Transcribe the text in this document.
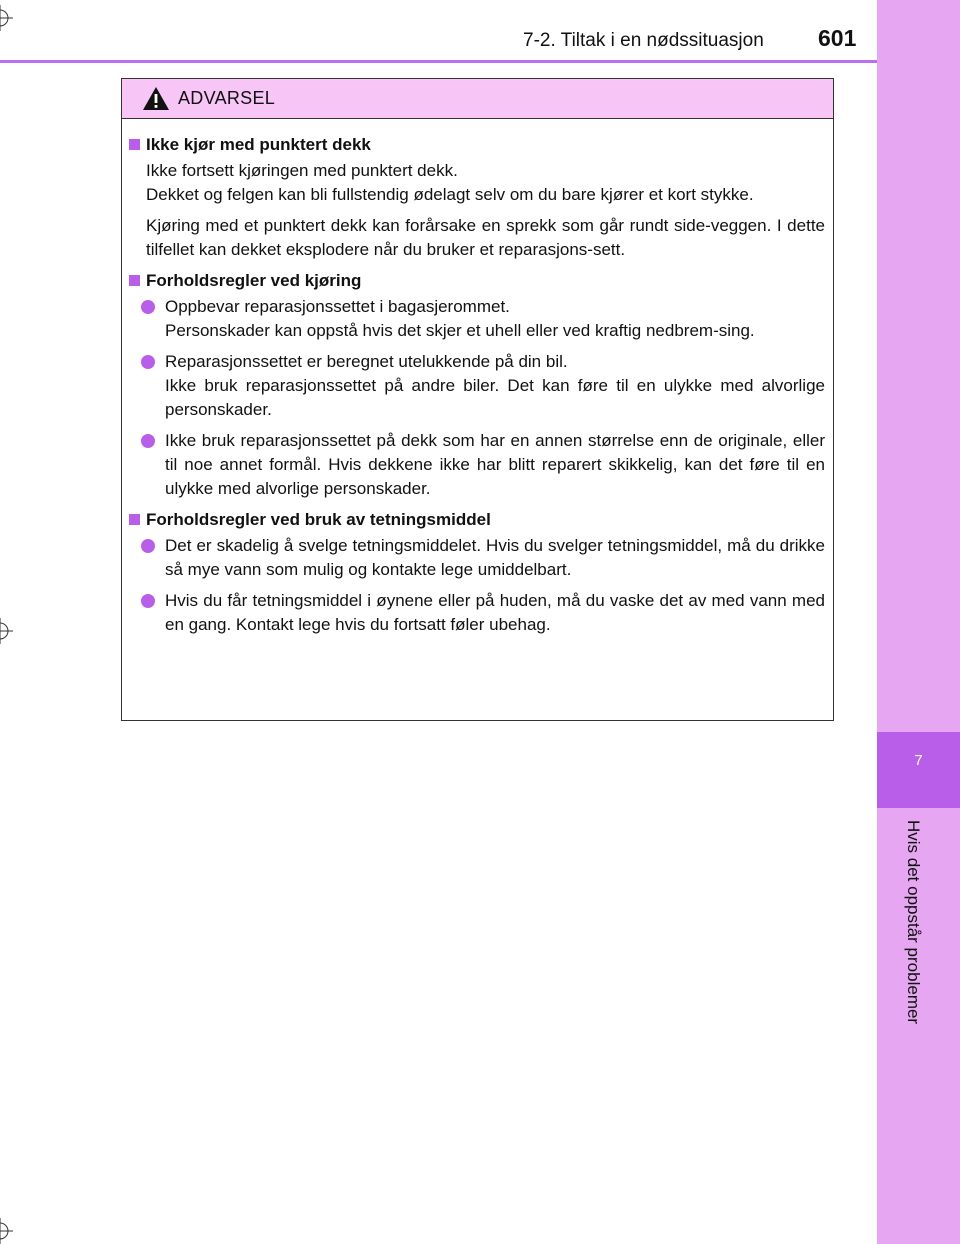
7
Hvis det oppstår problemer
7-2. Tiltak i en nødssituasjon 601
ADVARSEL
Ikke kjør med punktert dekk
Ikke fortsett kjøringen med punktert dekk.
Dekket og felgen kan bli fullstendig ødelagt selv om du bare kjører et kort stykke.
Kjøring med et punktert dekk kan forårsake en sprekk som går rundt side-veggen. I dette tilfellet kan dekket eksplodere når du bruker et reparasjons-sett.
Forholdsregler ved kjøring
Oppbevar reparasjonssettet i bagasjerommet.
Personskader kan oppstå hvis det skjer et uhell eller ved kraftig nedbrem-sing.
Reparasjonssettet er beregnet utelukkende på din bil.
Ikke bruk reparasjonssettet på andre biler. Det kan føre til en ulykke med alvorlige personskader.
Ikke bruk reparasjonssettet på dekk som har en annen størrelse enn de originale, eller til noe annet formål. Hvis dekkene ikke har blitt reparert skikkelig, kan det føre til en ulykke med alvorlige personskader.
Forholdsregler ved bruk av tetningsmiddel
Det er skadelig å svelge tetningsmiddelet. Hvis du svelger tetningsmiddel, må du drikke så mye vann som mulig og kontakte lege umiddelbart.
Hvis du får tetningsmiddel i øynene eller på huden, må du vaske det av med vann med en gang. Kontakt lege hvis du fortsatt føler ubehag.
